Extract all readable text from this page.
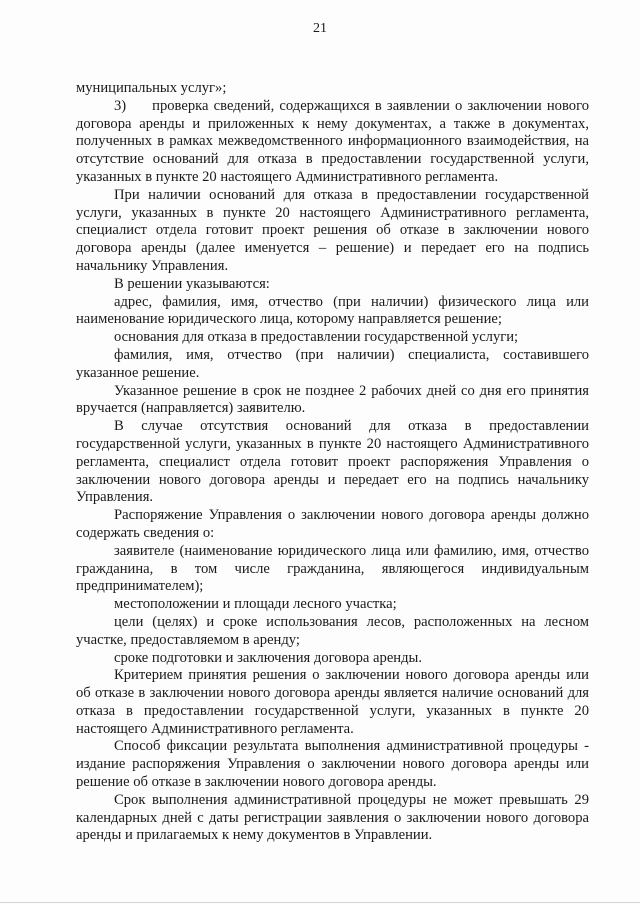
21

муниципальных услуг»;

3)     проверка сведений, содержащихся в заявлении о заключении нового договора аренды и приложенных к нему документах, а также в документах, полученных в рамках межведомственного информационного взаимодействия, на отсутствие оснований для отказа в предоставлении государственной услуги, указанных в пункте 20 настоящего Административного регламента.

При наличии оснований для отказа в предоставлении государственной услуги, указанных в пункте 20 настоящего Административного регламента, специалист отдела готовит проект решения об отказе в заключении нового договора аренды (далее именуется – решение) и передает его на подпись начальнику Управления.

В решении указываются:

адрес, фамилия, имя, отчество (при наличии) физического лица или наименование юридического лица, которому направляется решение;

основания для отказа в предоставлении государственной услуги;

фамилия, имя, отчество (при наличии) специалиста, составившего указанное решение.

Указанное решение в срок не позднее 2 рабочих дней со дня его принятия вручается (направляется) заявителю.

В случае отсутствия оснований для отказа в предоставлении государственной услуги, указанных в пункте 20 настоящего Административного регламента, специалист отдела готовит проект распоряжения Управления о заключении нового договора аренды и передает его на подпись начальнику Управления.

Распоряжение Управления о заключении нового договора аренды должно содержать сведения о:

заявителе (наименование юридического лица или фамилию, имя, отчество гражданина, в том числе гражданина, являющегося индивидуальным предпринимателем);

местоположении и площади лесного участка;

цели (целях) и сроке использования лесов, расположенных на лесном участке, предоставляемом в аренду;

сроке подготовки и заключения договора аренды.

Критерием принятия решения о заключении нового договора аренды или об отказе в заключении нового договора аренды является наличие оснований для отказа в предоставлении государственной услуги, указанных в пункте 20 настоящего Административного регламента.

Способ фиксации результата выполнения административной процедуры - издание распоряжения Управления о заключении нового договора аренды или решение об отказе в заключении нового договора аренды.

Срок выполнения административной процедуры не может превышать 29 календарных дней с даты регистрации заявления о заключении нового договора аренды и прилагаемых к нему документов в Управлении.
